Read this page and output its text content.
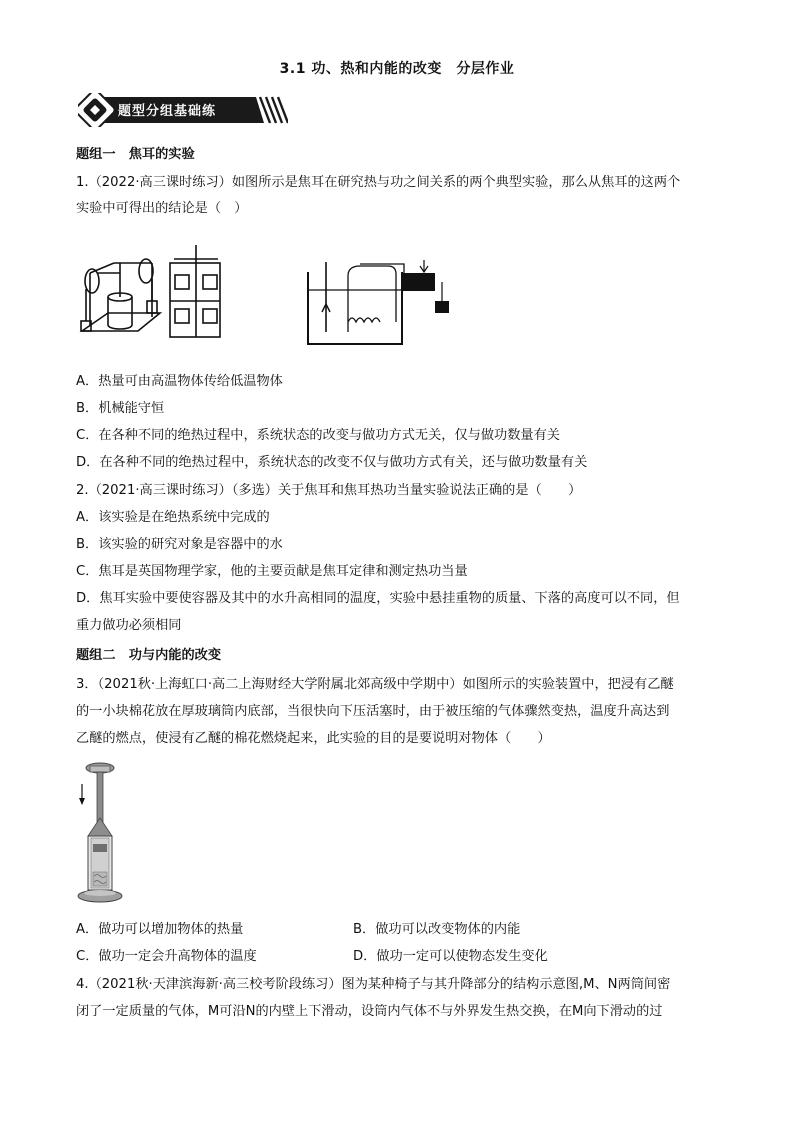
3.1 功、热和内能的改变　分层作业
题型分组基础练
题组一　焦耳的实验
1.（2022·高三课时练习）如图所示是焦耳在研究热与功之间关系的两个典型实验，那么从焦耳的这两个
实验中可得出的结论是（　）
A．热量可由高温物体传给低温物体
B．机械能守恒
C．在各种不同的绝热过程中，系统状态的改变与做功方式无关，仅与做功数量有关
D．在各种不同的绝热过程中，系统状态的改变不仅与做功方式有关，还与做功数量有关
2.（2021·高三课时练习）（多选）关于焦耳和焦耳热功当量实验说法正确的是（　　）
A．该实验是在绝热系统中完成的
B．该实验的研究对象是容器中的水
C．焦耳是英国物理学家，他的主要贡献是焦耳定律和测定热功当量
D．焦耳实验中要使容器及其中的水升高相同的温度，实验中悬挂重物的质量、下落的高度可以不同，但
重力做功必须相同
题组二　功与内能的改变
3．（2021秋·上海虹口·高二上海财经大学附属北郊高级中学期中）如图所示的实验装置中，把浸有乙醚
的一小块棉花放在厚玻璃筒内底部，当很快向下压活塞时，由于被压缩的气体骤然变热，温度升高达到
乙醚的燃点，使浸有乙醚的棉花燃烧起来，此实验的目的是要说明对物体（　　）
A．做功可以增加物体的热量	B．做功可以改变物体的内能
C．做功一定会升高物体的温度	D．做功一定可以使物态发生变化
4.（2021秋·天津滨海新·高三校考阶段练习）图为某种椅子与其升降部分的结构示意图,M、N两筒间密
闭了一定质量的气体，M可沿N的内壁上下滑动，设筒内气体不与外界发生热交换，在M向下滑动的过
